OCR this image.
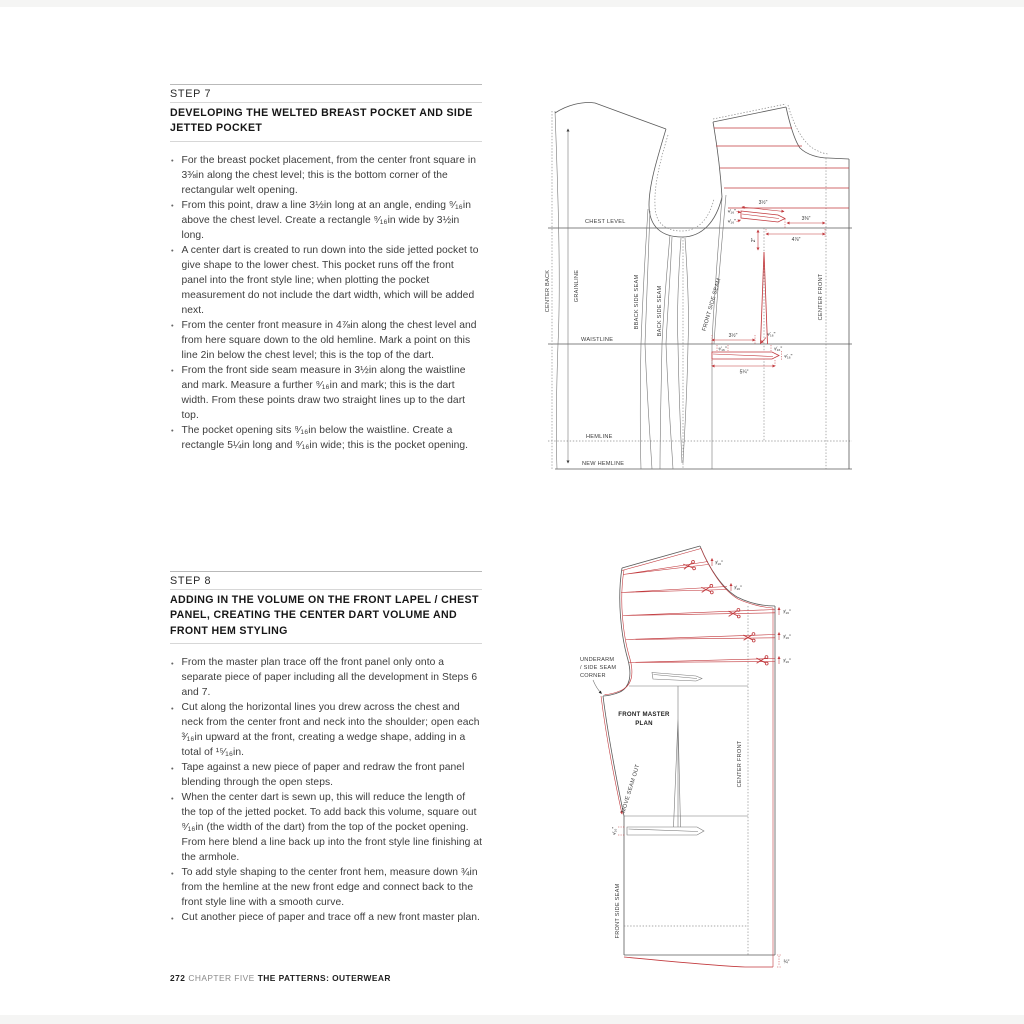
STEP 7
DEVELOPING THE WELTED BREAST POCKET AND SIDE JETTED POCKET
• For the breast pocket placement, from the center front square in 3⅜in along the chest level; this is the bottom corner of the rectangular welt opening.
• From this point, draw a line 3½in long at an angle, ending ⁹⁄₁₆in above the chest level. Create a rectangle ⁹⁄₁₆in wide by 3½in long.
• A center dart is created to run down into the side jetted pocket to give shape to the lower chest. This pocket runs off the front panel into the front style line; when plotting the pocket measurement do not include the dart width, which will be added next.
• From the center front measure in 4⅞in along the chest level and from here square down to the old hemline. Mark a point on this line 2in below the chest level; this is the top of the dart.
• From the front side seam measure in 3½in along the waistline and mark. Measure a further ⁹⁄₁₆in and mark; this is the dart width. From these points draw two straight lines up to the dart top.
• The pocket opening sits ⁹⁄₁₆in below the waistline. Create a rectangle 5¼in long and ⁹⁄₁₆in wide; this is the pocket opening.
STEP 8
ADDING IN THE VOLUME ON THE FRONT LAPEL / CHEST PANEL, CREATING THE CENTER DART VOLUME AND FRONT HEM STYLING
• From the master plan trace off the front panel only onto a separate piece of paper including all the development in Steps 6 and 7.
• Cut along the horizontal lines you drew across the chest and neck from the center front and neck into the shoulder; open each ³⁄₁₆in upward at the front, creating a wedge shape, adding in a total of ¹⁵⁄₁₆in.
• Tape against a new piece of paper and redraw the front panel blending through the open steps.
• When the center dart is sewn up, this will reduce the length of the top of the jetted pocket. To add back this volume, square out ⁹⁄₁₆in (the width of the dart) from the top of the pocket opening. From here blend a line back up into the front style line finishing at the armhole.
• To add style shaping to the center front hem, measure down ¾in from the hemline at the new front edge and connect back to the front style line with a smooth curve.
• Cut another piece of paper and trace off a new front master plan.
3½"
⁹⁄₁₆"
⁹⁄₁₆"	3⅜"
4⅞"
2"
3½"	⁹⁄₁₆"
⁹⁄₁₆"	⁹⁄₁₆"
⁹⁄₁₆"
5¼"
CHEST LEVEL
WAISTLINE
HEMLINE
NEW HEMLINE
CENTER BACK	GRAINLINE	BBACK SIDE SEAM	BACK SIDE SEAM	FRONT SIDE SEAM	CENTER FRONT
³⁄₁₆"
³⁄₁₆"
³⁄₁₆"
³⁄₁₆"
³⁄₁₆"
⁹⁄₁₆"
¾"
UNDERARM
/ SIDE SEAM
CORNER
FRONT MASTER
PLAN
CENTER FRONT
MOVE SEAM OUT
FRONT SIDE SEAM
272 CHAPTER FIVE THE PATTERNS: OUTERWEAR
